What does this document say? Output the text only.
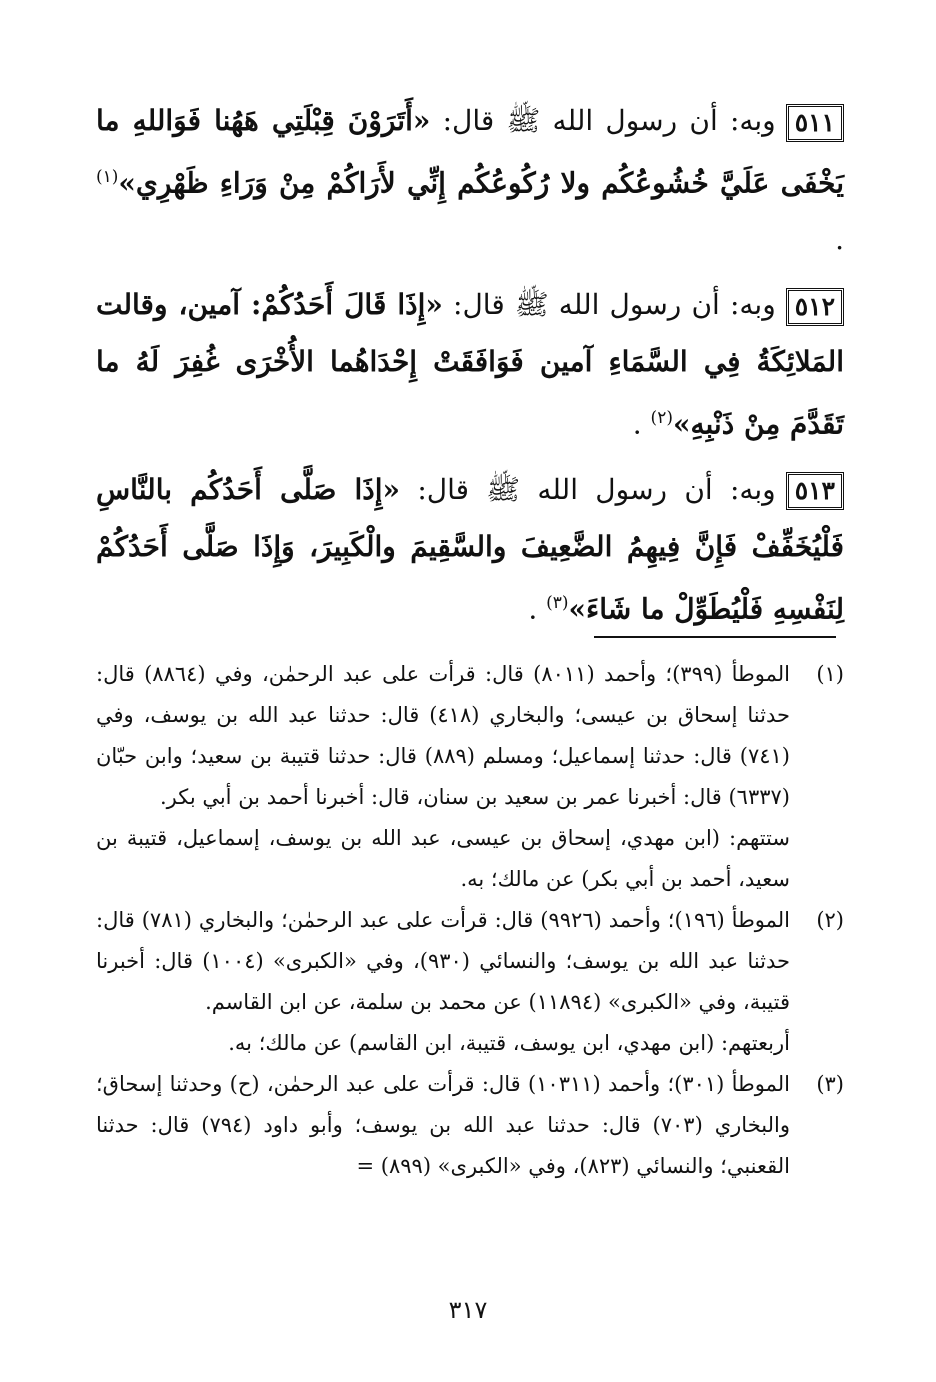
٥١١وبه: أن رسول الله ﷺ قال: «أَتَرَوْنَ قِبْلَتِي هَهُنا فَوَاللهِ ما يَخْفَى عَلَيَّ خُشُوعُكُم ولا رُكُوعُكُم إِنِّي لأَرَاكُمْ مِنْ وَرَاءِ ظَهْرِي»$^{(١)}$ .

٥١٢وبه: أن رسول الله ﷺ قال: «إِذَا قَالَ أَحَدُكُمْ: آمين، وقالت المَلائِكَةُ فِي السَّمَاءِ آمين فَوَافَقَتْ إِحْدَاهُما الأُخْرَى غُفِرَ لَهُ ما تَقَدَّمَ مِنْ ذَنْبِهِ»$^{(٢)}$ .

٥١٣وبه: أن رسول الله ﷺ قال: «إِذَا صَلَّى أَحَدُكُم بالنَّاسِ فَلْيُخَفِّفْ فَإِنَّ فِيهِمُ الضَّعِيفَ والسَّقِيمَ والْكَبِيرَ، وَإِذَا صَلَّى أَحَدُكُمْ لِنَفْسِهِ فَلْيُطَوِّلْ ما شَاءَ»$^{(٣)}$ .

(١)

الموطأ (٣٩٩)؛ وأحمد (٨٠١١) قال: قرأت على عبد الرحمٰن، وفي (٨٨٦٤) قال: حدثنا إسحاق بن عيسى؛ والبخاري (٤١٨) قال: حدثنا عبد الله بن يوسف، وفي (٧٤١) قال: حدثنا إسماعيل؛ ومسلم (٨٨٩) قال: حدثنا قتيبة بن سعيد؛ وابن حبّان (٦٣٣٧) قال: أخبرنا عمر بن سعيد بن سنان، قال: أخبرنا أحمد بن أبي بكر.

ستتهم: (ابن مهدي، إسحاق بن عيسى، عبد الله بن يوسف، إسماعيل، قتيبة بن سعيد، أحمد بن أبي بكر) عن مالك؛ به.

(٢)

الموطأ (١٩٦)؛ وأحمد (٩٩٢٦) قال: قرأت على عبد الرحمٰن؛ والبخاري (٧٨١) قال: حدثنا عبد الله بن يوسف؛ والنسائي (٩٣٠)، وفي «الكبرى» (١٠٠٤) قال: أخبرنا قتيبة، وفي «الكبرى» (١١٨٩٤) عن محمد بن سلمة، عن ابن القاسم.

أربعتهم: (ابن مهدي، ابن يوسف، قتيبة، ابن القاسم) عن مالك؛ به.

(٣)

الموطأ (٣٠١)؛ وأحمد (١٠٣١١) قال: قرأت على عبد الرحمٰن، (ح) وحدثنا إسحاق؛ والبخاري (٧٠٣) قال: حدثنا عبد الله بن يوسف؛ وأبو داود (٧٩٤) قال: حدثنا القعنبي؛ والنسائي (٨٢٣)، وفي «الكبرى» (٨٩٩) =

٣١٧
